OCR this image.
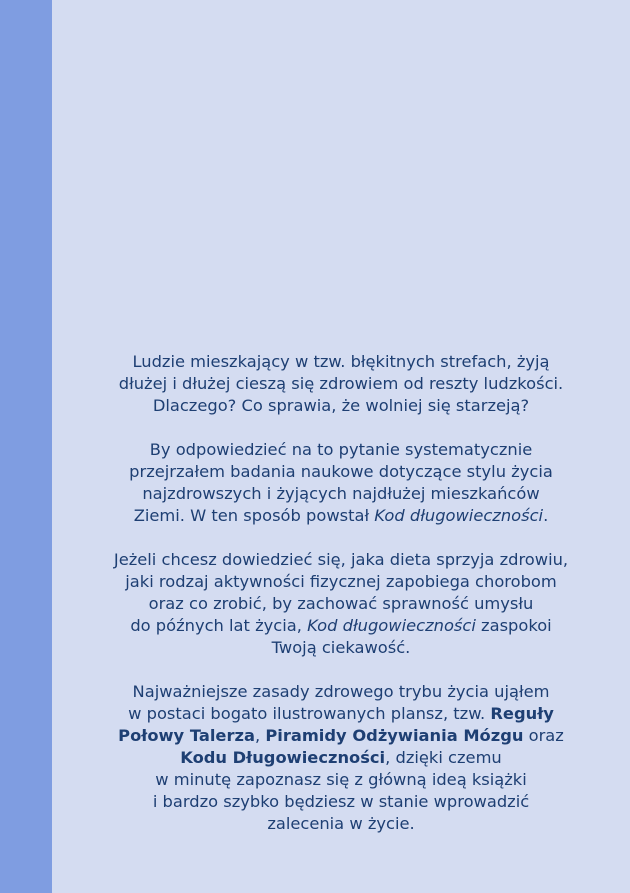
Ludzie mieszkający w tzw. błękitnych strefach, żyją
dłużej i dłużej cieszą się zdrowiem od reszty ludzkości.
Dlaczego? Co sprawia, że wolniej się starzeją?

By odpowiedzieć na to pytanie systematycznie
przejrzałem badania naukowe dotyczące stylu życia
najzdrowszych i żyjących najdłużej mieszkańców
Ziemi. W ten sposób powstał Kod długowieczności.

Jeżeli chcesz dowiedzieć się, jaka dieta sprzyja zdrowiu,
jaki rodzaj aktywności fizycznej zapobiega chorobom
oraz co zrobić, by zachować sprawność umysłu
do późnych lat życia, Kod długowieczności zaspokoi
Twoją ciekawość.

Najważniejsze zasady zdrowego trybu życia ująłem
w postaci bogato ilustrowanych plansz, tzw. Reguły
Połowy Talerza, Piramidy Odżywiania Mózgu oraz
Kodu Długowieczności, dzięki czemu
w minutę zapoznasz się z główną ideą książki
i bardzo szybko będziesz w stanie wprowadzić
zalecenia w życie.
